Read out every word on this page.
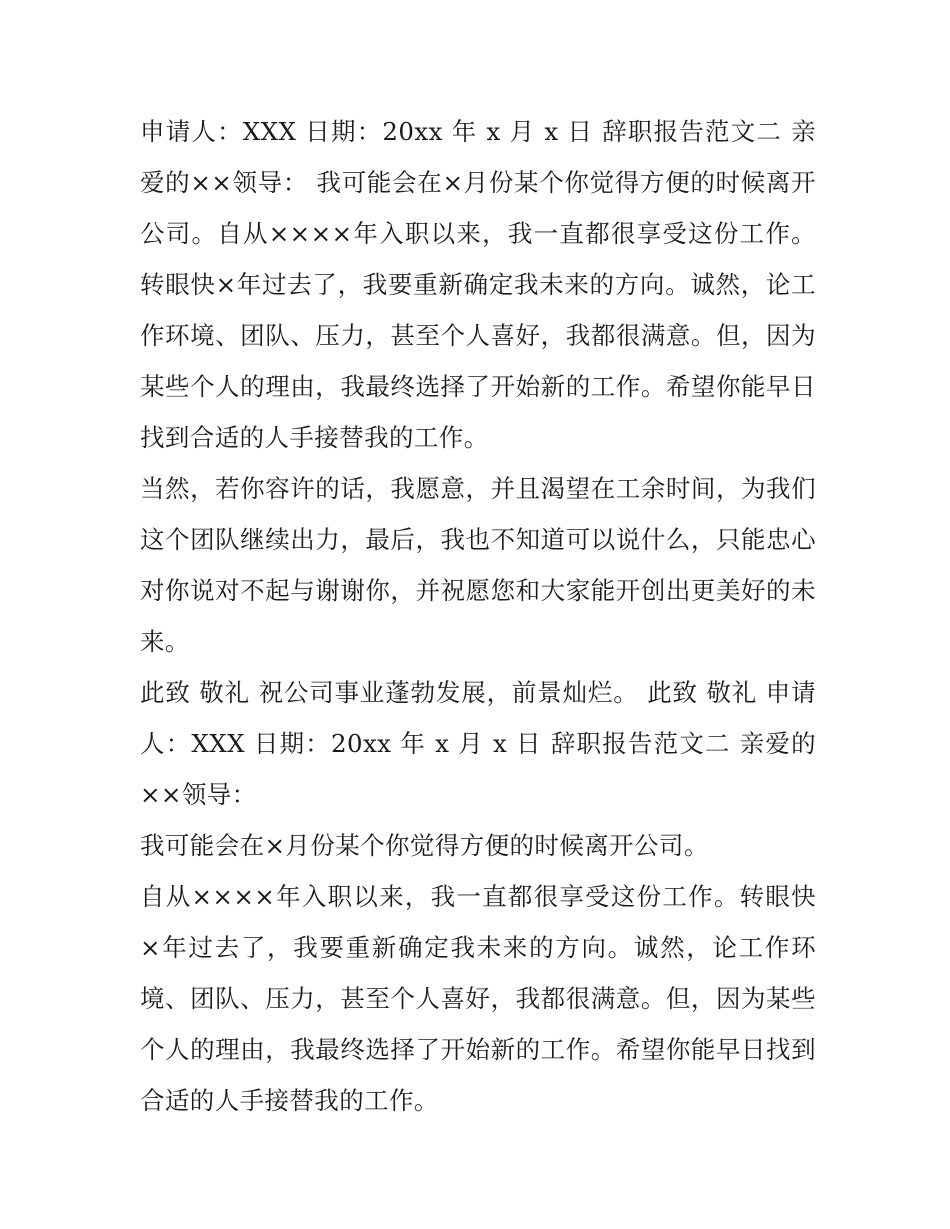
申请人：XXX 日期：20xx 年 x 月 x 日 辞职报告范文二 亲爱的××领导： 我可能会在×月份某个你觉得方便的时候离开公司。自从××××年入职以来，我一直都很享受这份工作。转眼快×年过去了，我要重新确定我未来的方向。诚然，论工作环境、团队、压力，甚至个人喜好，我都很满意。但，因为某些个人的理由，我最终选择了开始新的工作。希望你能早日找到合适的人手接替我的工作。

当然，若你容许的话，我愿意，并且渴望在工余时间，为我们这个团队继续出力，最后，我也不知道可以说什么，只能忠心对你说对不起与谢谢你，并祝愿您和大家能开创出更美好的未来。

此致 敬礼 祝公司事业蓬勃发展，前景灿烂。 此致 敬礼 申请人：XXX 日期：20xx 年 x 月 x 日 辞职报告范文二 亲爱的××领导：

我可能会在×月份某个你觉得方便的时候离开公司。

自从××××年入职以来，我一直都很享受这份工作。转眼快×年过去了，我要重新确定我未来的方向。诚然，论工作环境、团队、压力，甚至个人喜好，我都很满意。但，因为某些个人的理由，我最终选择了开始新的工作。希望你能早日找到合适的人手接替我的工作。
